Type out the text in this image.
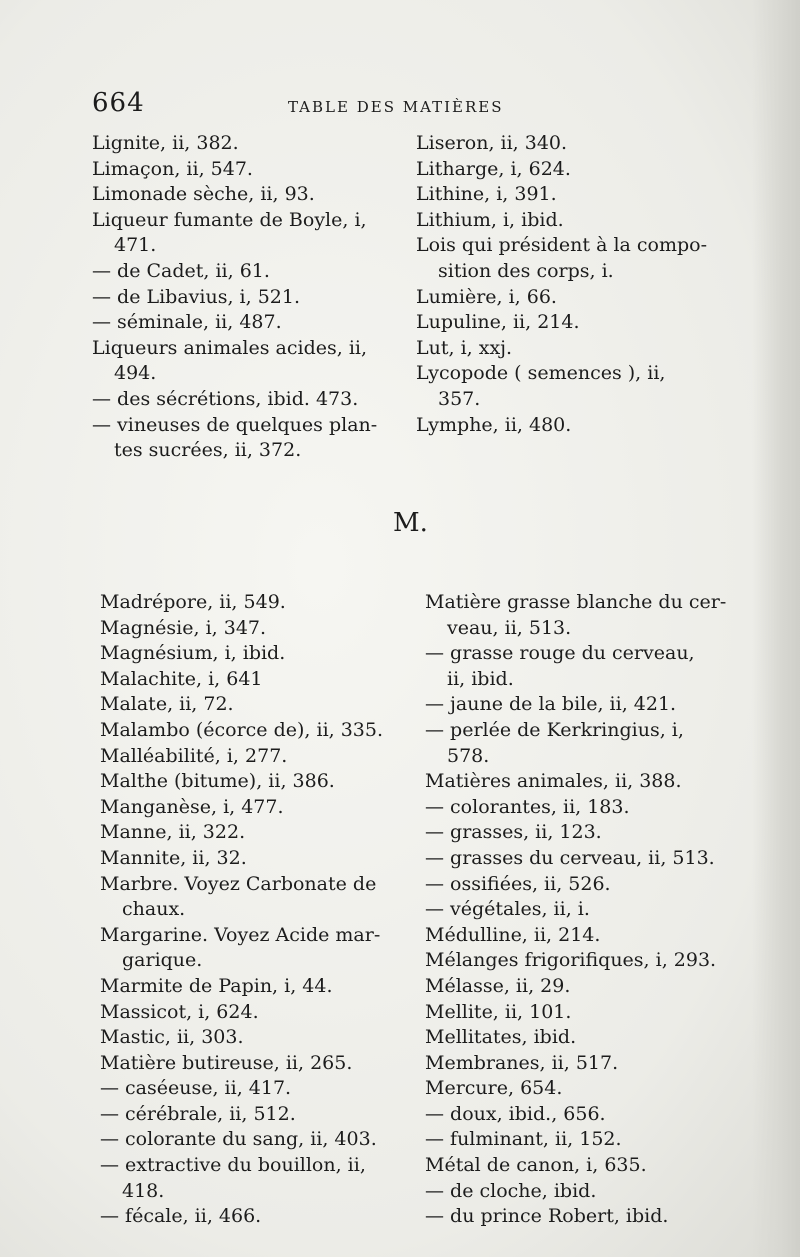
664	TABLE DES MATIÈRES
Lignite, ii, 382.
Limaçon, ii, 547.
Limonade sèche, ii, 93.
Liqueur fumante de Boyle, i,
471.
— de Cadet, ii, 61.
— de Libavius, i, 521.
— séminale, ii, 487.
Liqueurs animales acides, ii,
494.
— des sécrétions, ibid. 473.
— vineuses de quelques plan-
tes sucrées, ii, 372.
Liseron, ii, 340.
Litharge, i, 624.
Lithine, i, 391.
Lithium, i, ibid.
Lois qui président à la compo-
sition des corps, i.
Lumière, i, 66.
Lupuline, ii, 214.
Lut, i, xxj.
Lycopode ( semences ), ii,
357.
Lymphe, ii, 480.
M.
Madrépore, ii, 549.
Magnésie, i, 347.
Magnésium, i, ibid.
Malachite, i, 641
Malate, ii, 72.
Malambo (écorce de), ii, 335.
Malléabilité, i, 277.
Malthe (bitume), ii, 386.
Manganèse, i, 477.
Manne, ii, 322.
Mannite, ii, 32.
Marbre. Voyez Carbonate de
chaux.
Margarine. Voyez Acide mar-
garique.
Marmite de Papin, i, 44.
Massicot, i, 624.
Mastic, ii, 303.
Matière butireuse, ii, 265.
— caséeuse, ii, 417.
— cérébrale, ii, 512.
— colorante du sang, ii, 403.
— extractive du bouillon, ii,
418.
— fécale, ii, 466.
Matière grasse blanche du cer-
veau, ii, 513.
— grasse rouge du cerveau,
ii, ibid.
— jaune de la bile, ii, 421.
— perlée de Kerkringius, i,
578.
Matières animales, ii, 388.
— colorantes, ii, 183.
— grasses, ii, 123.
— grasses du cerveau, ii, 513.
— ossifiées, ii, 526.
— végétales, ii, i.
Médulline, ii, 214.
Mélanges frigorifiques, i, 293.
Mélasse, ii, 29.
Mellite, ii, 101.
Mellitates, ibid.
Membranes, ii, 517.
Mercure, 654.
— doux, ibid., 656.
— fulminant, ii, 152.
Métal de canon, i, 635.
— de cloche, ibid.
— du prince Robert, ibid.
